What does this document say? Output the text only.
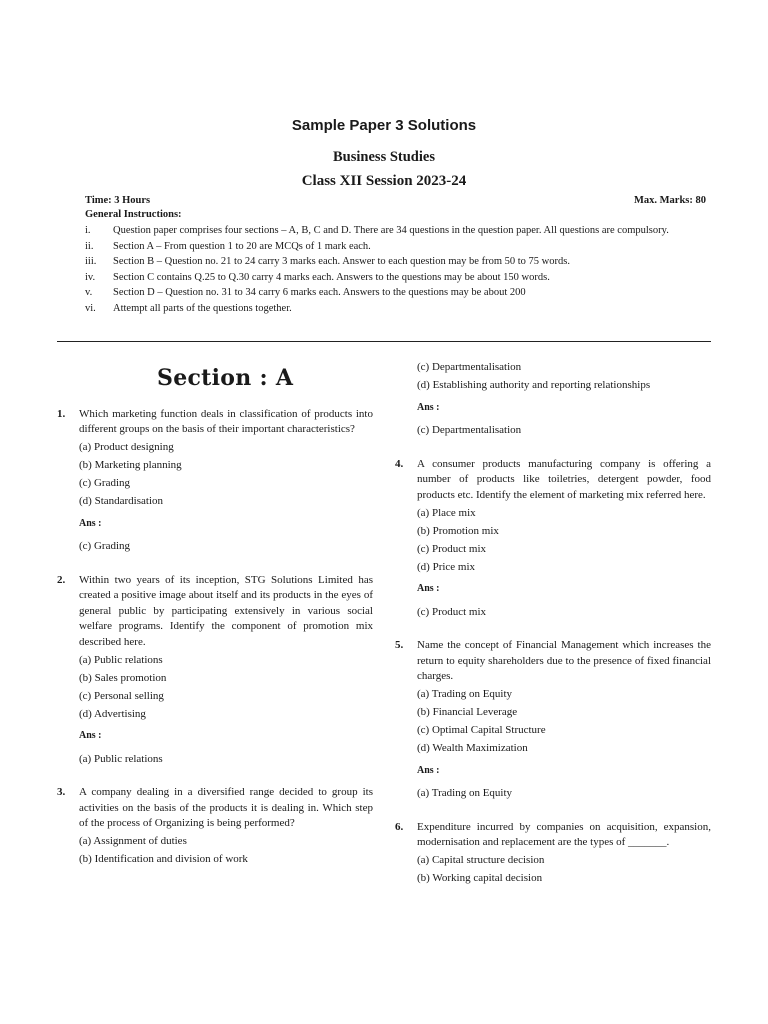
Sample Paper 3 Solutions
Business Studies
Class XII Session 2023-24
Time: 3 Hours	Max. Marks: 80
General Instructions:
i.	Question paper comprises four sections – A, B, C and D. There are 34 questions in the question paper. All questions are compulsory.
ii.	Section A – From question 1 to 20 are MCQs of 1 mark each.
iii.	Section B – Question no. 21 to 24 carry 3 marks each. Answer to each question may be from 50 to 75 words.
iv.	Section C contains Q.25 to Q.30 carry 4 marks each. Answers to the questions may be about 150 words.
v.	Section D – Question no. 31 to 34 carry 6 marks each. Answers to the questions may be about 200
vi.	Attempt all parts of the questions together.
Section : A
1.	Which marketing function deals in classification of products into different groups on the basis of their important characteristics?
(a) Product designing
(b) Marketing planning
(c) Grading
(d) Standardisation
Ans :
(c) Grading
2.	Within two years of its inception, STG Solutions Limited has created a positive image about itself and its products in the eyes of general public by participating extensively in various social welfare programs. Identify the component of promotion mix described here.
(a) Public relations
(b) Sales promotion
(c) Personal selling
(d) Advertising
Ans :
(a) Public relations
3.	A company dealing in a diversified range decided to group its activities on the basis of the products it is dealing in. Which step of the process of Organizing is being performed?
(a) Assignment of duties
(b) Identification and division of work
(c) Departmentalisation
(d) Establishing authority and reporting relationships
Ans :
(c) Departmentalisation
4.	A consumer products manufacturing company is offering a number of products like toiletries, detergent powder, food products etc. Identify the element of marketing mix referred here.
(a) Place mix
(b) Promotion mix
(c) Product mix
(d) Price mix
Ans :
(c) Product mix
5.	Name the concept of Financial Management which increases the return to equity shareholders due to the presence of fixed financial charges.
(a) Trading on Equity
(b) Financial Leverage
(c) Optimal Capital Structure
(d) Wealth Maximization
Ans :
(a) Trading on Equity
6.	Expenditure incurred by companies on acquisition, expansion, modernisation and replacement are the types of _______.
(a) Capital structure decision
(b) Working capital decision
